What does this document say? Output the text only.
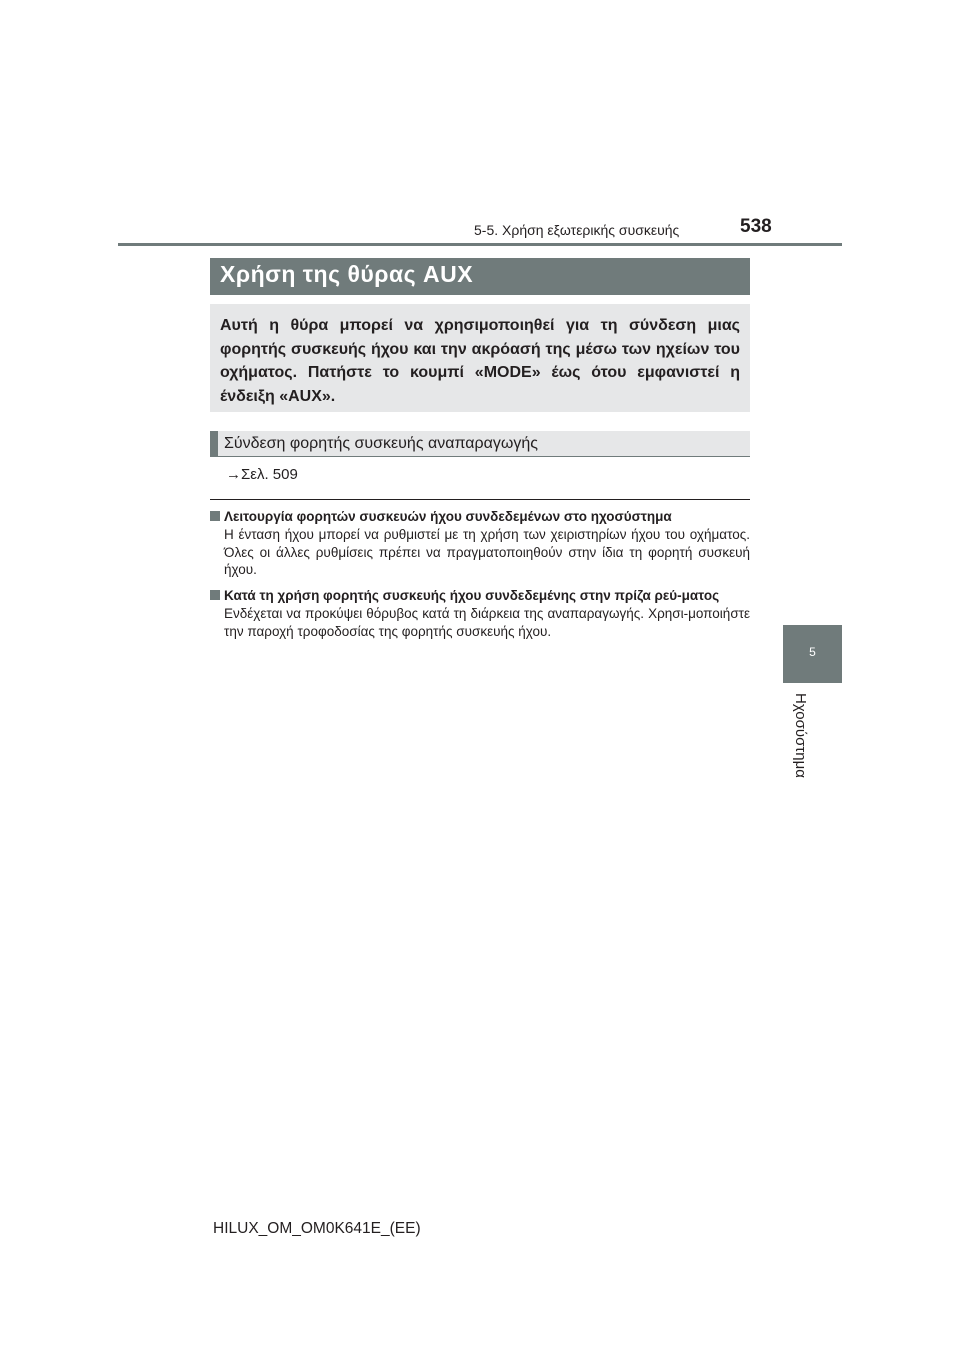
5-5. Χρήση εξωτερικής συσκευής	538
5
Ηχοσύστημα
Χρήση της θύρας AUX
Αυτή η θύρα μπορεί να χρησιμοποιηθεί για τη σύνδεση μιας φορητής συσκευής ήχου και την ακρόασή της μέσω των ηχείων του οχήματος. Πατήστε το κουμπί «MODE» έως ότου εμφανιστεί η ένδειξη «AUX».
Σύνδεση φορητής συσκευής αναπαραγωγής
→Σελ. 509
Λειτουργία φορητών συσκευών ήχου συνδεδεμένων στο ηχοσύστημα
Η ένταση ήχου μπορεί να ρυθμιστεί με τη χρήση των χειριστηρίων ήχου του οχήματος. Όλες οι άλλες ρυθμίσεις πρέπει να πραγματοποιηθούν στην ίδια τη φορητή συσκευή ήχου.
Κατά τη χρήση φορητής συσκευής ήχου συνδεδεμένης στην πρίζα ρεύ-ματος
Ενδέχεται να προκύψει θόρυβος κατά τη διάρκεια της αναπαραγωγής. Χρησι-μοποιήστε την παροχή τροφοδοσίας της φορητής συσκευής ήχου.
HILUX_OM_OM0K641E_(EE)
